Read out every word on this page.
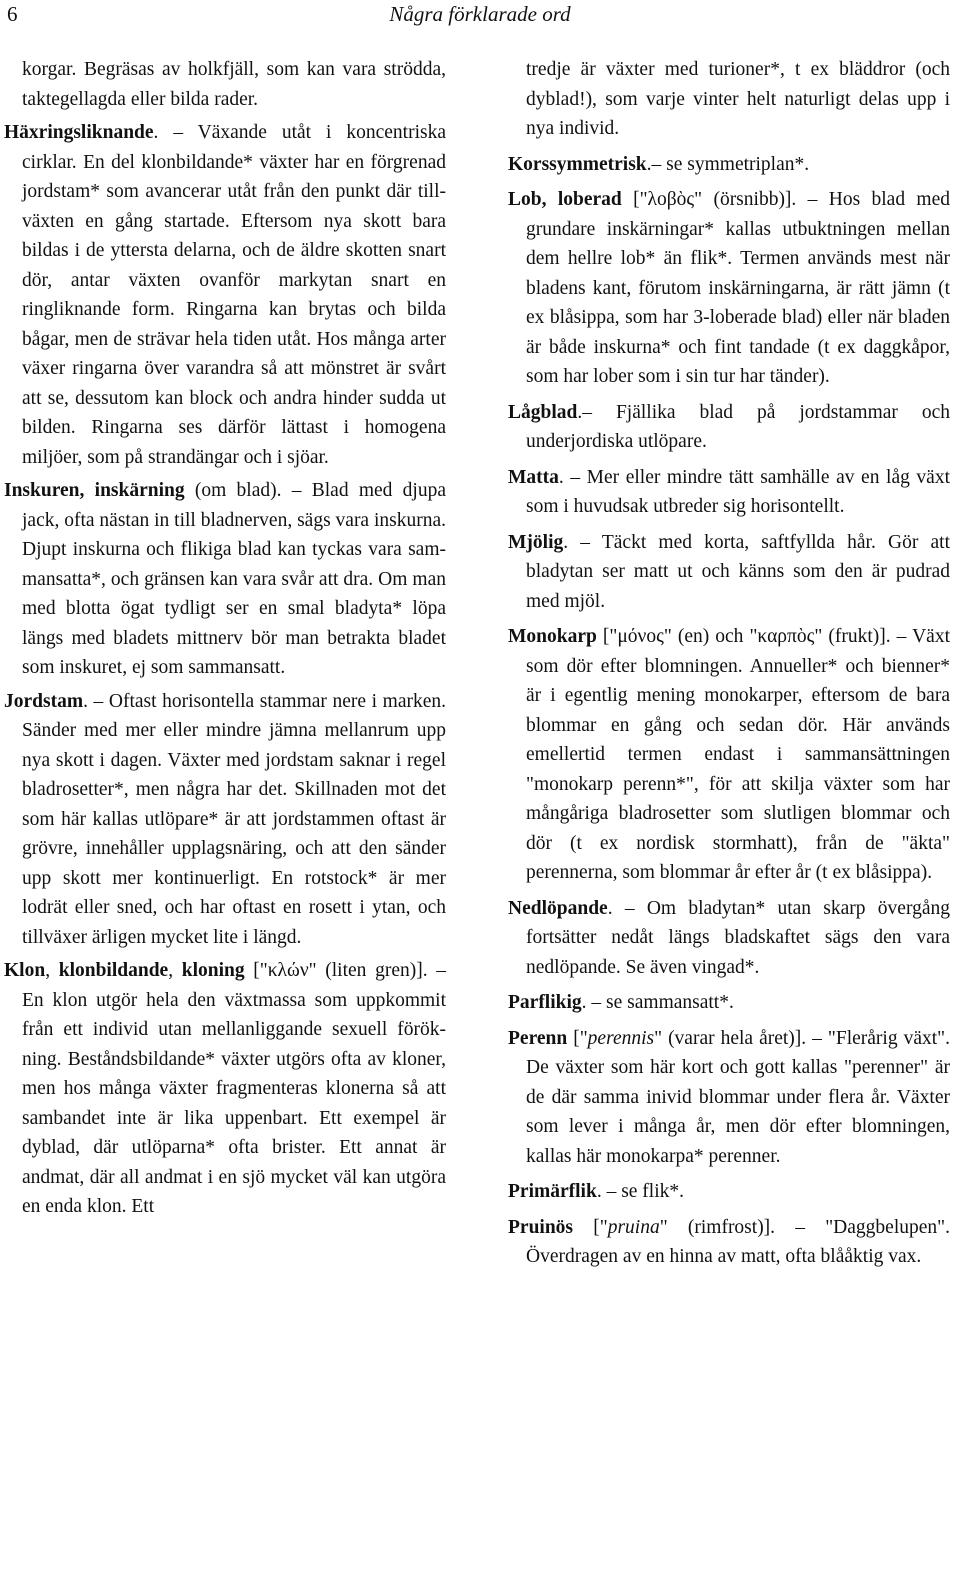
6	Några förklarade ord

korgar. Begräsas av holkfjäll, som kan vara strödda, taktegellagda eller bilda rader.

Häxringsliknande. – Växande utåt i koncentriska cirklar. En del klonbildande* växter har en förgrenad jordstam* som avancerar utåt från den punkt där tillväxten en gång startade. Eftersom nya skott bara bildas i de yttersta delarna, och de äldre skotten snart dör, antar växten ovanför markytan snart en ringliknande form. Ringarna kan brytas och bilda bågar, men de strävar hela tiden utåt. Hos många arter växer ringarna över varandra så att mönstret är svårt att se, dessutom kan block och andra hinder sudda ut bilden. Ringarna ses därför lättast i homogena miljöer, som på strandängar och i sjöar.

Inskuren, inskärning (om blad). – Blad med djupa jack, ofta nästan in till bladnerven, sägs vara inskurna. Djupt inskurna och flikiga blad kan tyckas vara sammansatta*, och gränsen kan vara svår att dra. Om man med blotta ögat tydligt ser en smal bladyta* löpa längs med bladets mittnerv bör man betrakta bladet som inskuret, ej som sammansatt.

Jordstam. – Oftast horisontella stammar nere i marken. Sänder med mer eller mindre jämna mellanrum upp nya skott i dagen. Växter med jordstam saknar i regel bladrosetter*, men några har det. Skillnaden mot det som här kallas utlöpare* är att jordstammen oftast är grövre, innehåller upplagsnäring, och att den sänder upp skott mer kontinuerligt. En rotstock* är mer lodrät eller sned, och har oftast en rosett i ytan, och tillväxer ärligen mycket lite i längd.

Klon, klonbildande, kloning ["κλών" (liten gren)]. – En klon utgör hela den växtmassa som uppkommit från ett individ utan mellanliggande sexuell förökning. Beståndsbildande* växter utgörs ofta av kloner, men hos många växter fragmenteras klonerna så att sambandet inte är lika uppenbart. Ett exempel är dyblad, där utlöparna* ofta brister. Ett annat är andmat, där all andmat i en sjö mycket väl kan utgöra en enda klon. Ett

tredje är växter med turioner*, t ex bläddror (och dyblad!), som varje vinter helt naturligt delas upp i nya individ.

Korssymmetrisk.– se symmetriplan*.

Lob, loberad ["λοβὸς" (örsnibb)]. – Hos blad med grundare inskärningar* kallas utbuktningen mellan dem hellre lob* än flik*. Termen används mest när bladens kant, förutom inskärningarna, är rätt jämn (t ex blåsippa, som har 3-loberade blad) eller när bladen är både inskurna* och fint tandade (t ex daggkåpor, som har lober som i sin tur har tänder).

Lågblad.– Fjällika blad på jordstammar och underjordiska utlöpare.

Matta. – Mer eller mindre tätt samhälle av en låg växt som i huvudsak utbreder sig horisontellt.

Mjölig. – Täckt med korta, saftfyllda hår. Gör att bladytan ser matt ut och känns som den är pudrad med mjöl.

Monokarp ["μόνος" (en) och "καρπὸς" (frukt)]. – Växt som dör efter blomningen. Annueller* och bienner* är i egentlig mening monokarper, eftersom de bara blommar en gång och sedan dör. Här används emellertid termen endast i sammansättningen "monokarp perenn*", för att skilja växter som har mångåriga bladrosetter som slutligen blommar och dör (t ex nordisk stormhatt), från de "äkta" perennerna, som blommar år efter år (t ex blåsippa).

Nedlöpande. – Om bladytan* utan skarp övergång fortsätter nedåt längs bladskaftet sägs den vara nedlöpande. Se även vingad*.

Parflikig. – se sammansatt*.

Perenn ["perennis" (varar hela året)]. – "Flerårig växt". De växter som här kort och gott kallas "perenner" är de där samma inivid blommar under flera år. Växter som lever i många år, men dör efter blomningen, kallas här monokarpa* perenner.

Primärflik. – se flik*.

Pruinös ["pruina" (rimfrost)]. – "Daggbelupen". Överdragen av en hinna av matt, ofta blååktig vax.
